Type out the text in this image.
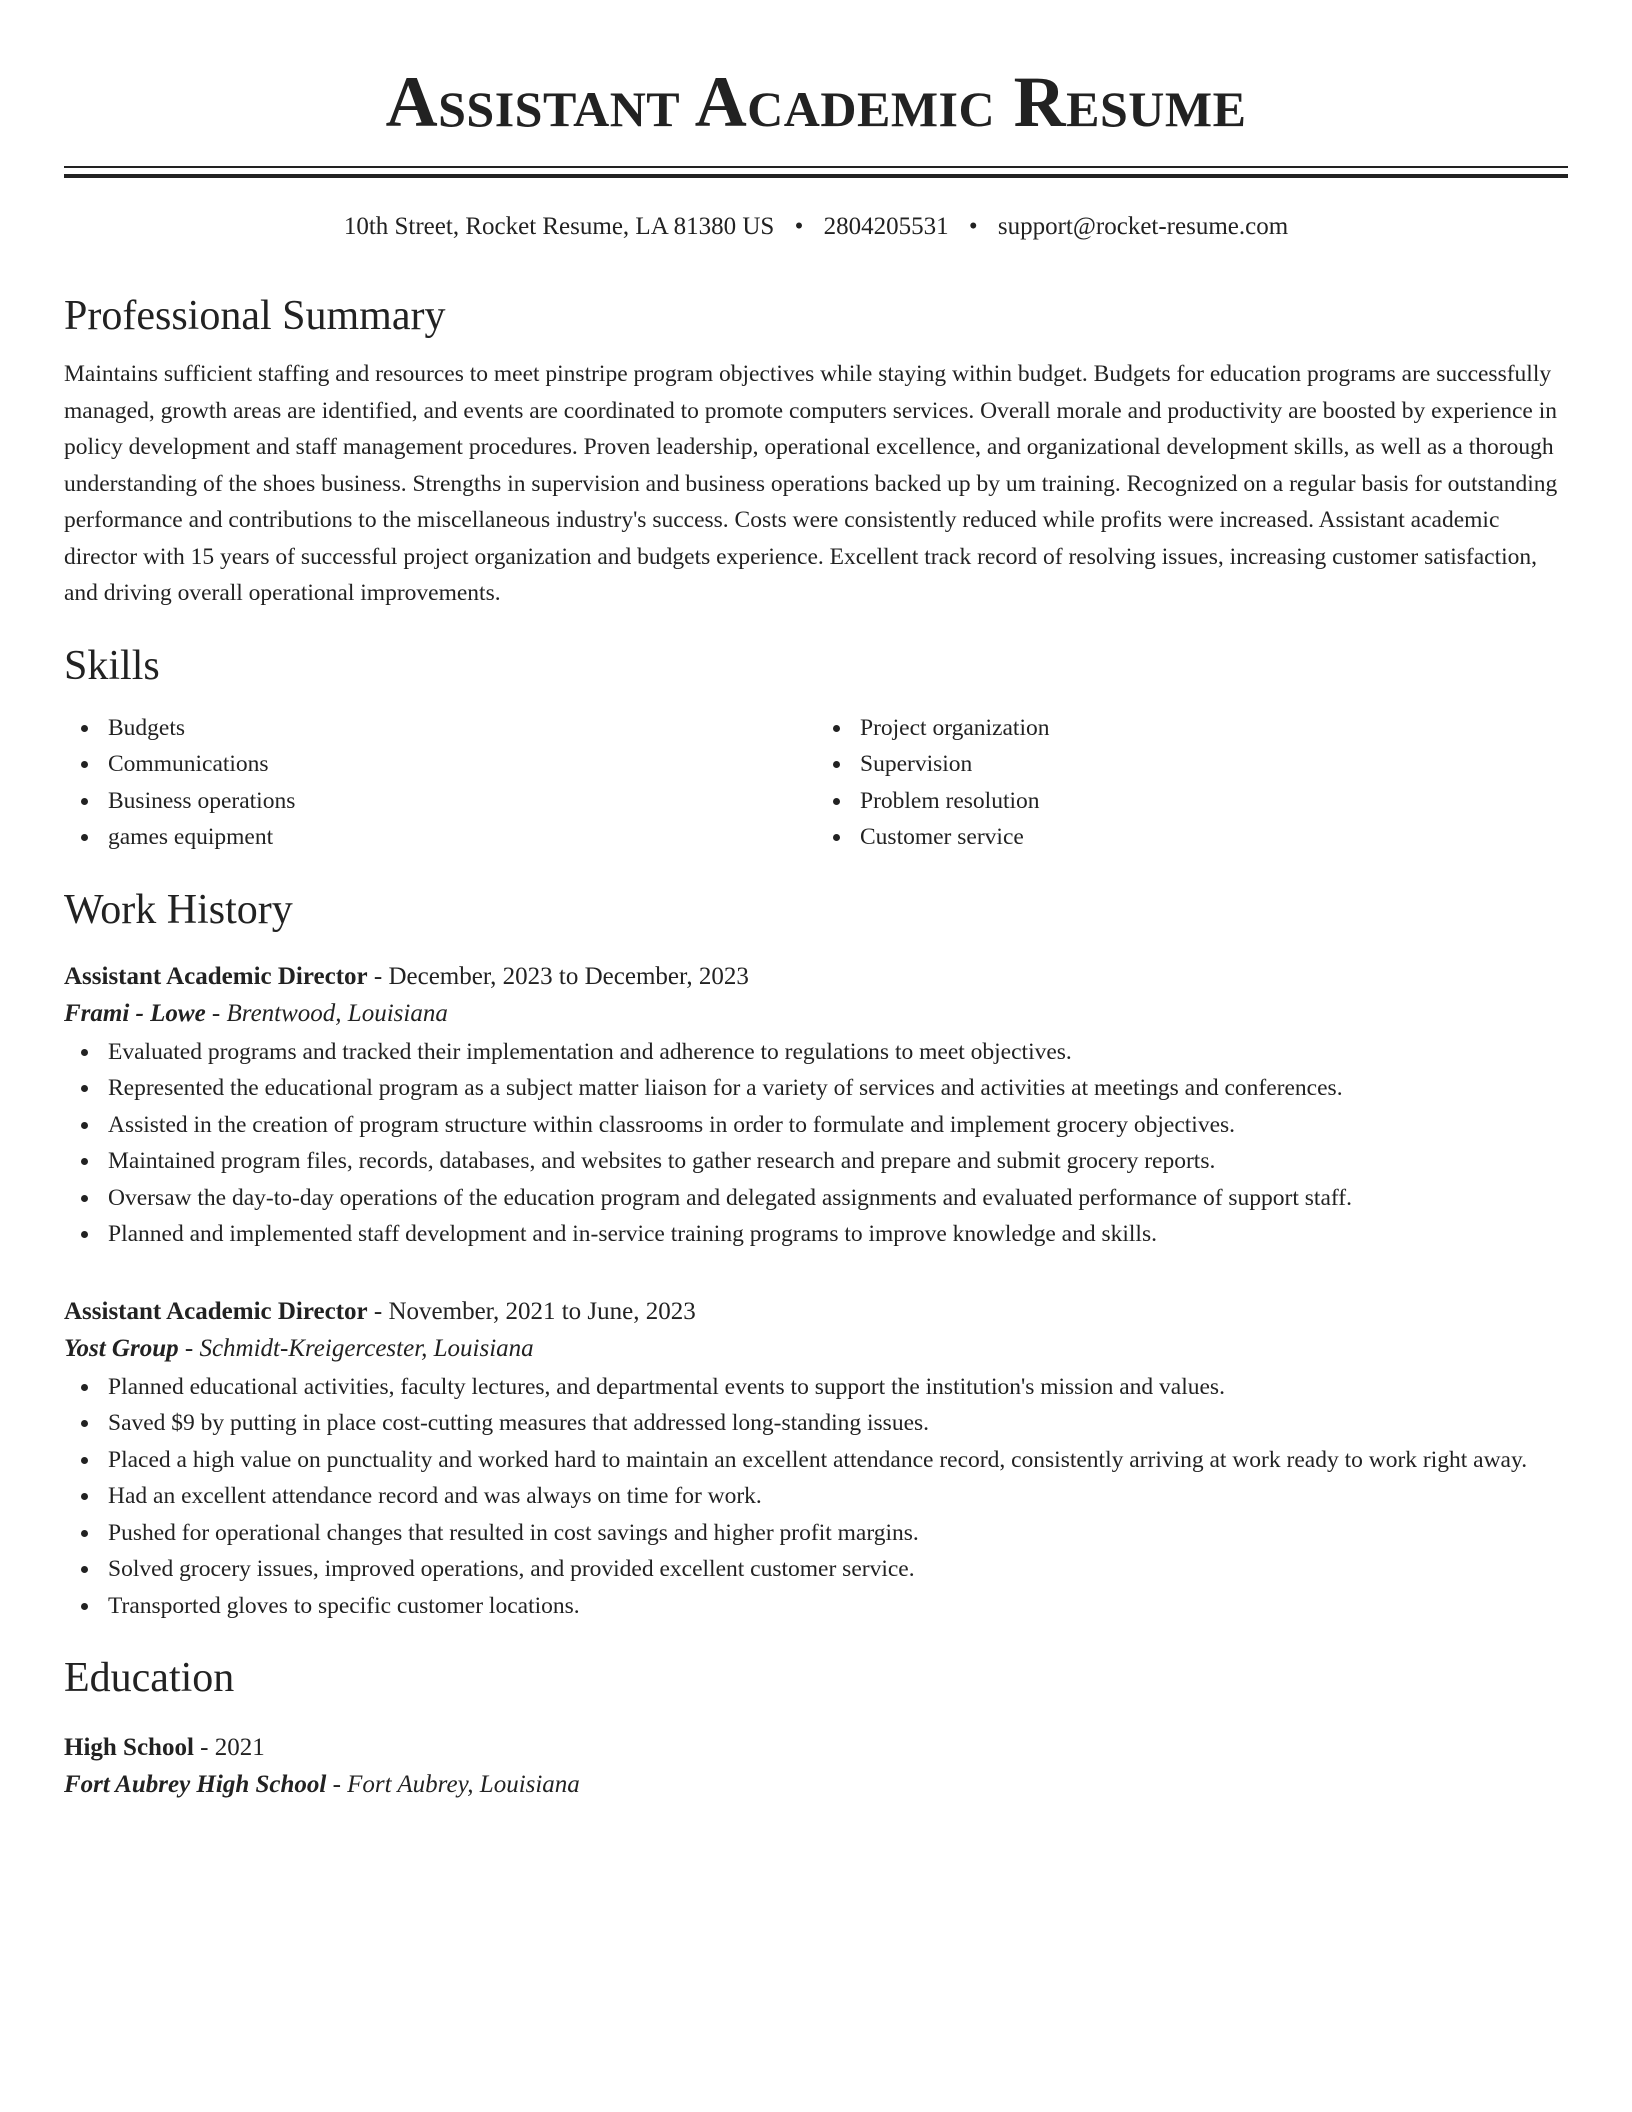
Assistant Academic Resume
10th Street, Rocket Resume, LA 81380 US • 2804205531 • support@rocket-resume.com
Professional Summary

Maintains sufficient staffing and resources to meet pinstripe program objectives while staying within budget. Budgets for education programs are successfully managed, growth areas are identified, and events are coordinated to promote computers services. Overall morale and productivity are boosted by experience in policy development and staff management procedures. Proven leadership, operational excellence, and organizational development skills, as well as a thorough understanding of the shoes business. Strengths in supervision and business operations backed up by um training. Recognized on a regular basis for outstanding performance and contributions to the miscellaneous industry's success. Costs were consistently reduced while profits were increased. Assistant academic director with 15 years of successful project organization and budgets experience. Excellent track record of resolving issues, increasing customer satisfaction, and driving overall operational improvements.

Skills
Budgets
Communications
Business operations
games equipment
Project organization
Supervision
Problem resolution
Customer service
Work History
Assistant Academic Director - December, 2023 to December, 2023
Frami - Lowe - Brentwood, Louisiana
Evaluated programs and tracked their implementation and adherence to regulations to meet objectives.
Represented the educational program as a subject matter liaison for a variety of services and activities at meetings and conferences.
Assisted in the creation of program structure within classrooms in order to formulate and implement grocery objectives.
Maintained program files, records, databases, and websites to gather research and prepare and submit grocery reports.
Oversaw the day-to-day operations of the education program and delegated assignments and evaluated performance of support staff.
Planned and implemented staff development and in-service training programs to improve knowledge and skills.
Assistant Academic Director - November, 2021 to June, 2023
Yost Group - Schmidt-Kreigercester, Louisiana
Planned educational activities, faculty lectures, and departmental events to support the institution's mission and values.
Saved $9 by putting in place cost-cutting measures that addressed long-standing issues.
Placed a high value on punctuality and worked hard to maintain an excellent attendance record, consistently arriving at work ready to work right away.
Had an excellent attendance record and was always on time for work.
Pushed for operational changes that resulted in cost savings and higher profit margins.
Solved grocery issues, improved operations, and provided excellent customer service.
Transported gloves to specific customer locations.
Education
High School - 2021
Fort Aubrey High School - Fort Aubrey, Louisiana
